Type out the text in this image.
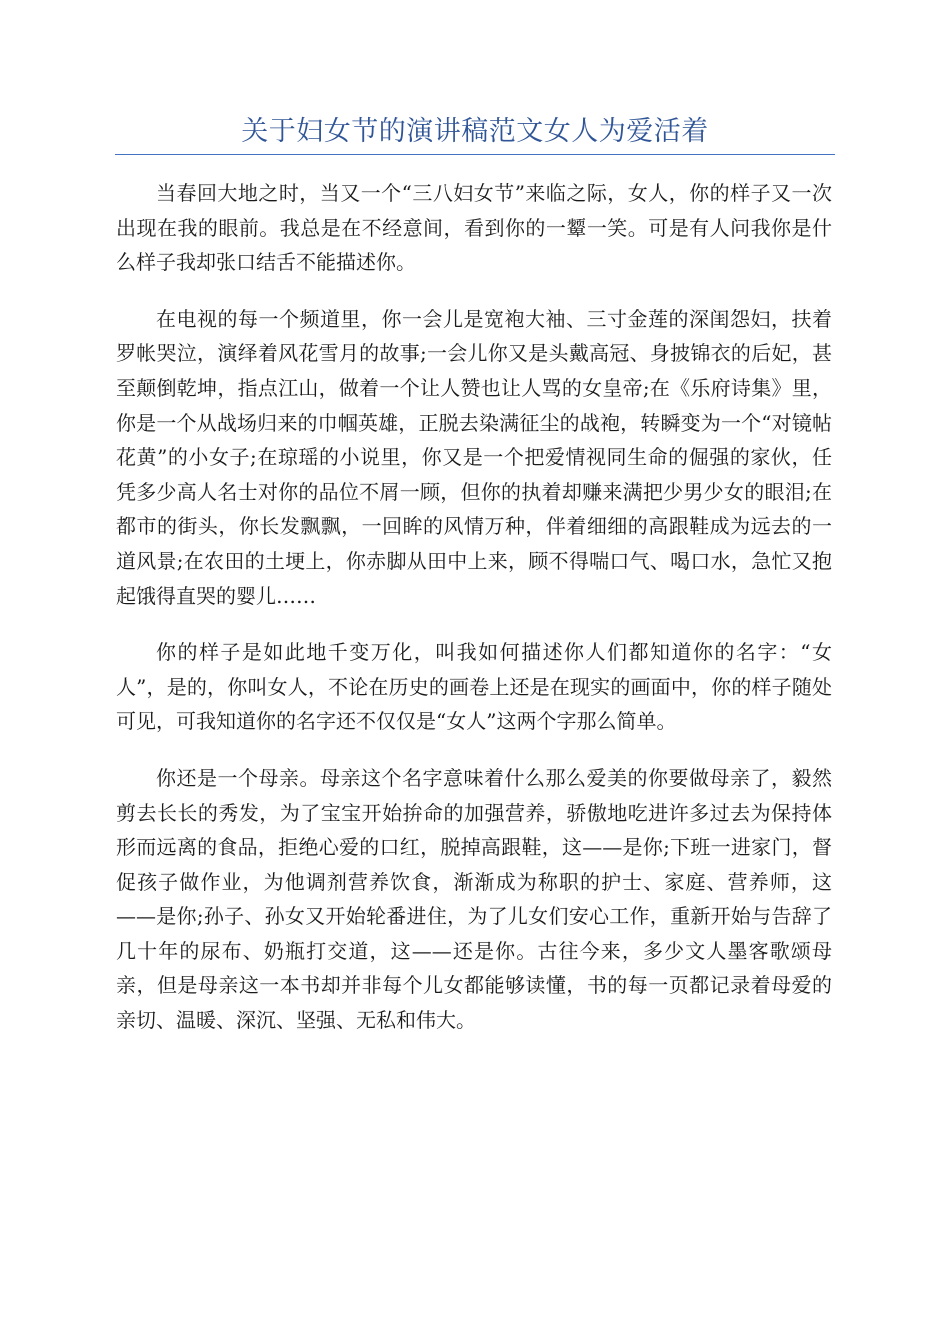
关于妇女节的演讲稿范文女人为爱活着

当春回大地之时，当又一个“三八妇女节”来临之际，女人，你的样子又一次出现在我的眼前。我总是在不经意间，看到你的一颦一笑。可是有人问我你是什么样子我却张口结舌不能描述你。

在电视的每一个频道里，你一会儿是宽袍大袖、三寸金莲的深闺怨妇，扶着罗帐哭泣，演绎着风花雪月的故事;一会儿你又是头戴高冠、身披锦衣的后妃，甚至颠倒乾坤，指点江山，做着一个让人赞也让人骂的女皇帝;在《乐府诗集》里，你是一个从战场归来的巾帼英雄，正脱去染满征尘的战袍，转瞬变为一个“对镜帖花黄”的小女子;在琼瑶的小说里，你又是一个把爱情视同生命的倔强的家伙，任凭多少高人名士对你的品位不屑一顾，但你的执着却赚来满把少男少女的眼泪;在都市的街头，你长发飘飘，一回眸的风情万种，伴着细细的高跟鞋成为远去的一道风景;在农田的土埂上，你赤脚从田中上来，顾不得喘口气、喝口水，急忙又抱起饿得直哭的婴儿……

你的样子是如此地千变万化，叫我如何描述你人们都知道你的名字：“女人”，是的，你叫女人，不论在历史的画卷上还是在现实的画面中，你的样子随处可见，可我知道你的名字还不仅仅是“女人”这两个字那么简单。

你还是一个母亲。母亲这个名字意味着什么那么爱美的你要做母亲了，毅然剪去长长的秀发，为了宝宝开始拚命的加强营养，骄傲地吃进许多过去为保持体形而远离的食品，拒绝心爱的口红，脱掉高跟鞋，这——是你;下班一进家门，督促孩子做作业，为他调剂营养饮食，渐渐成为称职的护士、家庭、营养师，这——是你;孙子、孙女又开始轮番进住，为了儿女们安心工作，重新开始与告辞了几十年的尿布、奶瓶打交道，这——还是你。古往今来，多少文人墨客歌颂母亲，但是母亲这一本书却并非每个儿女都能够读懂，书的每一页都记录着母爱的亲切、温暖、深沉、坚强、无私和伟大。
